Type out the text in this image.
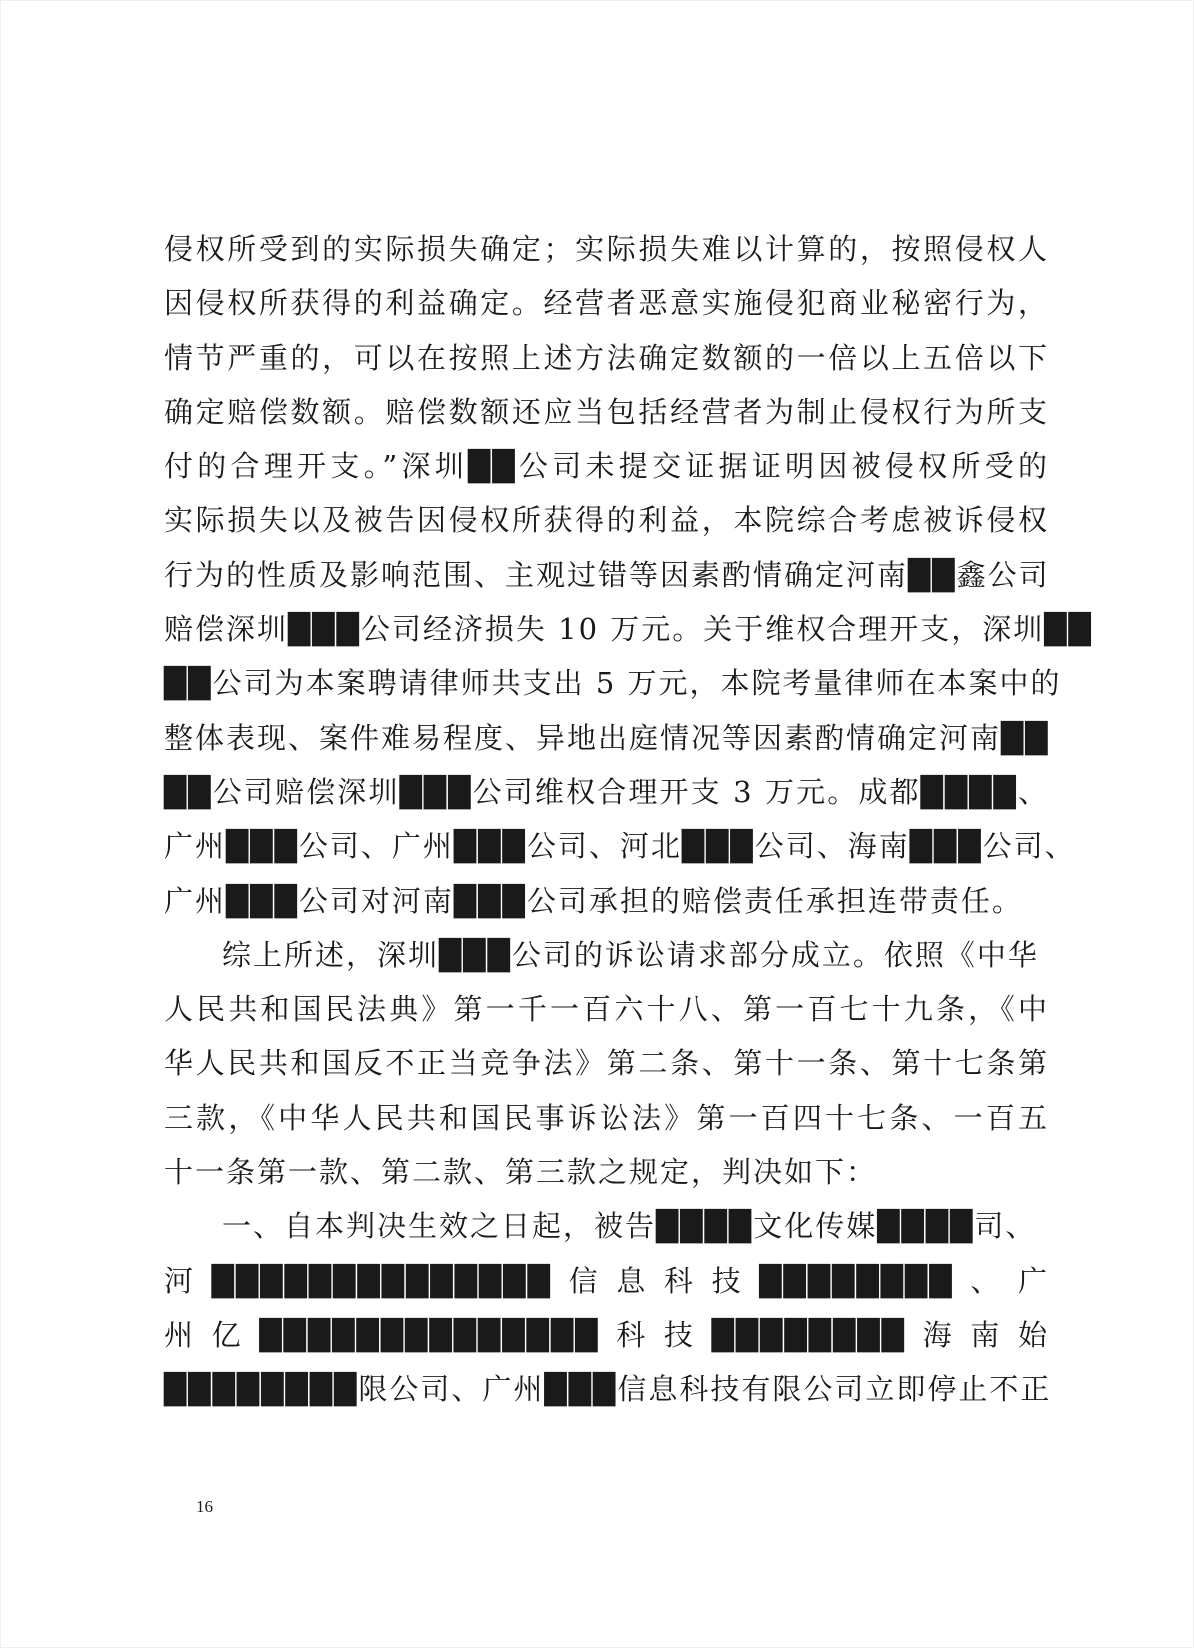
侵权所受到的实际损失确定；实际损失难以计算的，按照侵权人

因侵权所获得的利益确定。经营者恶意实施侵犯商业秘密行为，

情节严重的，可以在按照上述方法确定数额的一倍以上五倍以下

确定赔偿数额。赔偿数额还应当包括经营者为制止侵权行为所支

付的合理开支。”深圳██公司未提交证据证明因被侵权所受的

实际损失以及被告因侵权所获得的利益，本院综合考虑被诉侵权

行为的性质及影响范围、主观过错等因素酌情确定河南██鑫公司

赔偿深圳███公司经济损失 10 万元。关于维权合理开支，深圳██

██公司为本案聘请律师共支出 5 万元，本院考量律师在本案中的

整体表现、案件难易程度、异地出庭情况等因素酌情确定河南██

██公司赔偿深圳███公司维权合理开支 3 万元。成都████、

广州███公司、广州███公司、河北███公司、海南███公司、

广州███公司对河南███公司承担的赔偿责任承担连带责任。

综上所述，深圳███公司的诉讼请求部分成立。依照《中华

人民共和国民法典》第一千一百六十八、第一百七十九条，《中

华人民共和国反不正当竞争法》第二条、第十一条、第十七条第

三款，《中华人民共和国民事诉讼法》第一百四十七条、一百五

十一条第一款、第二款、第三款之规定，判决如下：

一、自本判决生效之日起，被告████文化传媒████司、

河██████████████信息科技████████、广

州亿██████████████科技████████海南始

████████限公司、广州███信息科技有限公司立即停止不正

16
